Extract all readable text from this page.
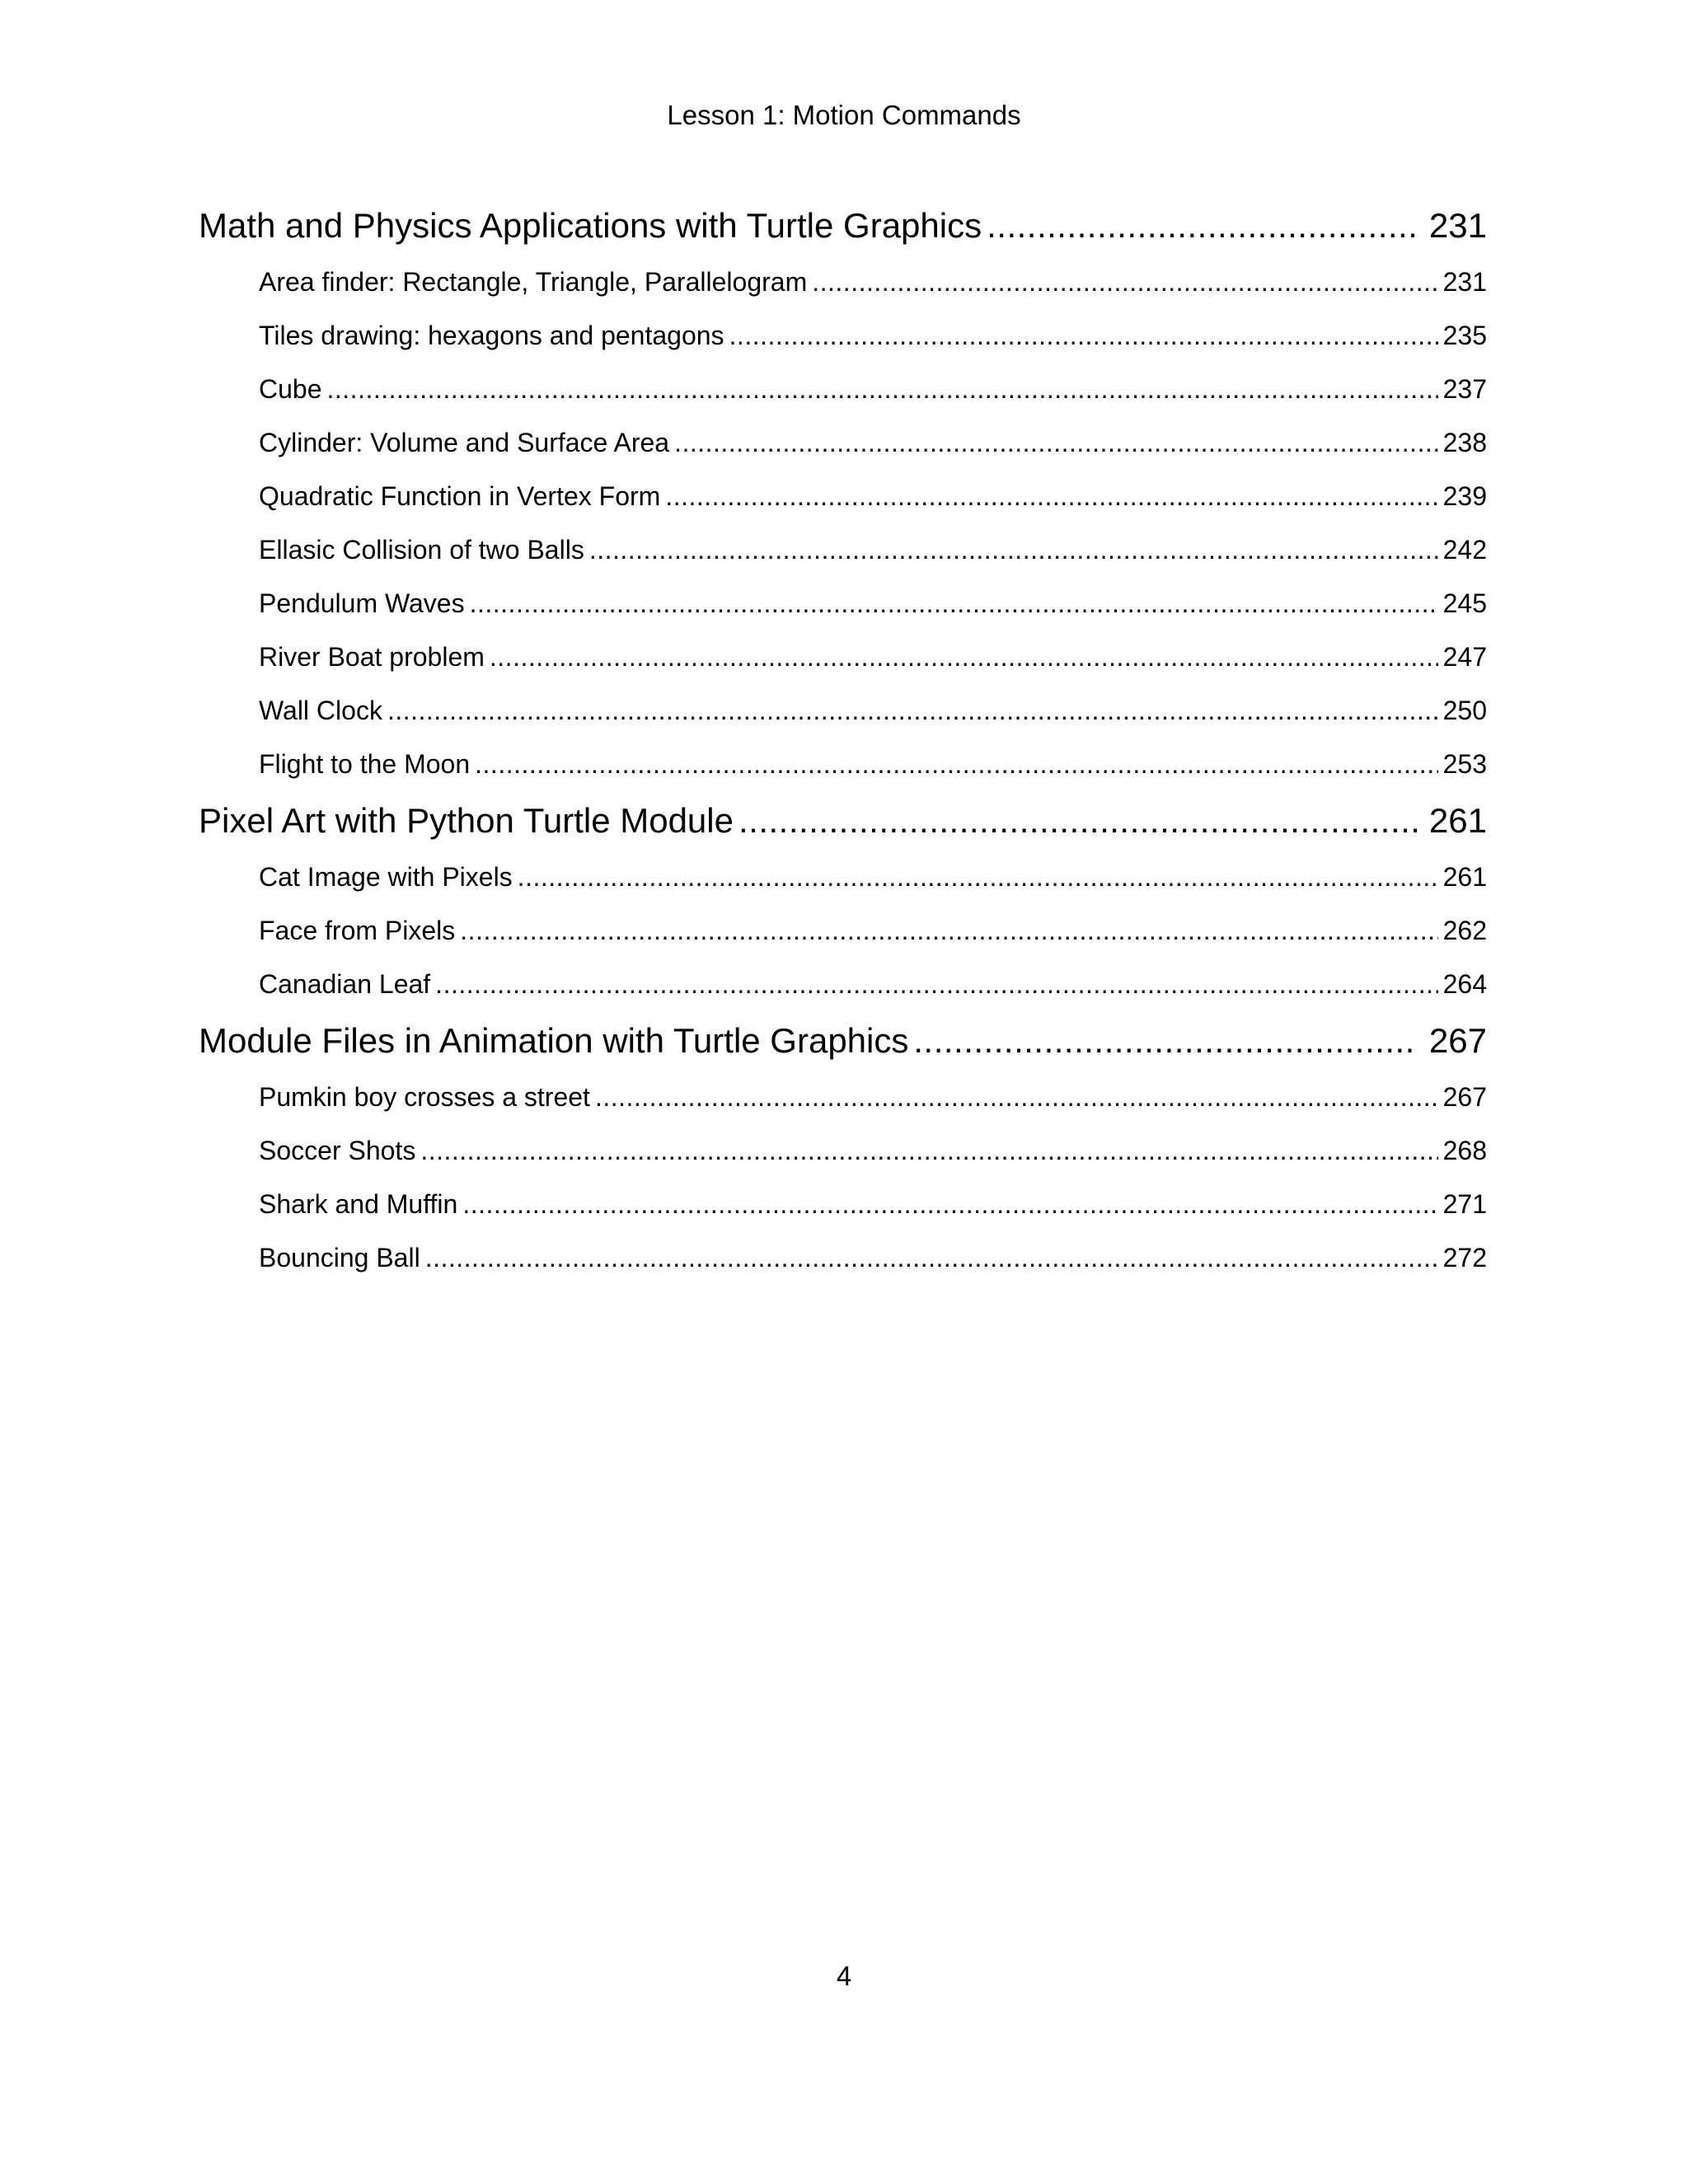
Lesson 1: Motion Commands
Math and Physics Applications with Turtle Graphics .....	231
Area finder: Rectangle, Triangle, Parallelogram .....	231
Tiles drawing: hexagons and pentagons .....	235
Cube .....	237
Cylinder: Volume and Surface Area .....	238
Quadratic Function in Vertex Form .....	239
Ellasic Collision of two Balls .....	242
Pendulum Waves .....	245
River Boat problem .....	247
Wall Clock .....	250
Flight to the Moon .....	253
Pixel Art with Python Turtle Module .....	261
Cat Image with Pixels .....	261
Face from Pixels .....	262
Canadian Leaf .....	264
Module Files in Animation with Turtle Graphics .....	267
Pumkin boy crosses a street .....	267
Soccer Shots .....	268
Shark and Muffin .....	271
Bouncing Ball .....	272
4
